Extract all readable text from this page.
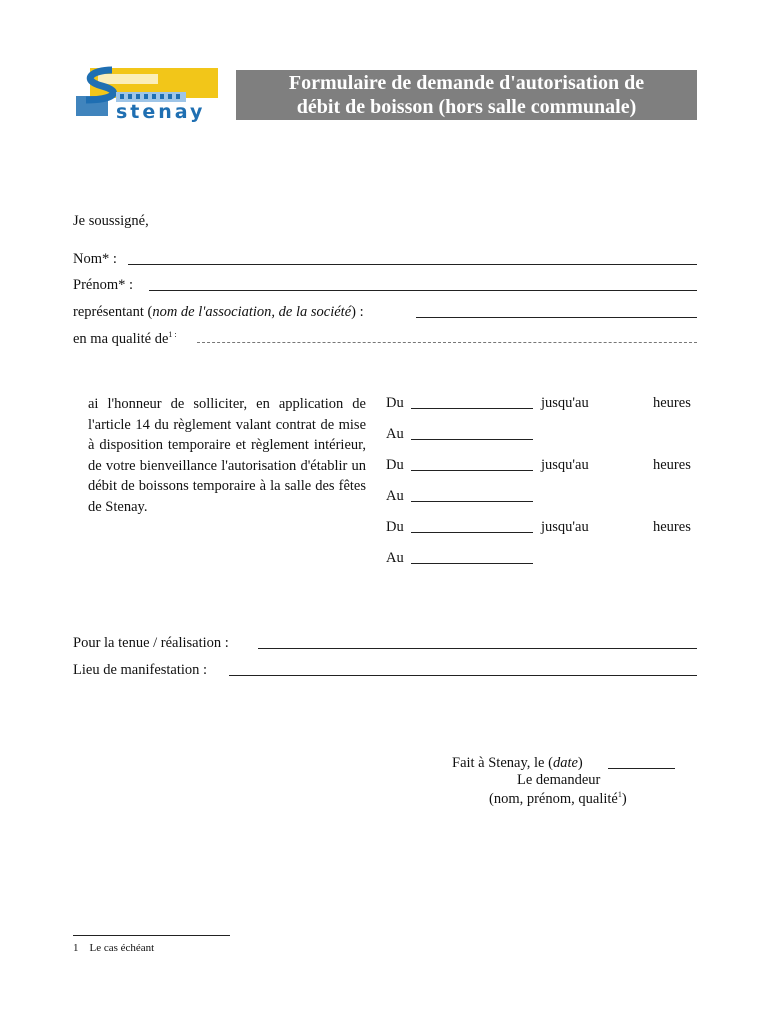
stenay
Formulaire de demande d'autorisation de
débit de boisson (hors salle communale)
Je soussigné,
Nom* :
Prénom* :
représentant (nom de l'association, de la société) :
en ma qualité $de^{1 :}$
ai l'honneur de solliciter, en application de l'article 14 du règlement valant contrat de mise à disposition temporaire et règlement intérieur, de votre bienveillance l'autorisation d'établir un débit de boissons temporaire à la salle des fêtes de Stenay.
Du	jusqu'au	heures
Au
Du	jusqu'au	heures
Au
Du	jusqu'au	heures
Au
Pour la tenue / réalisation :
Lieu de manifestation :
Fait à Stenay, le (date)
Le demandeur
(nom, prénom, qualité$^1$)
1 Le cas échéant
